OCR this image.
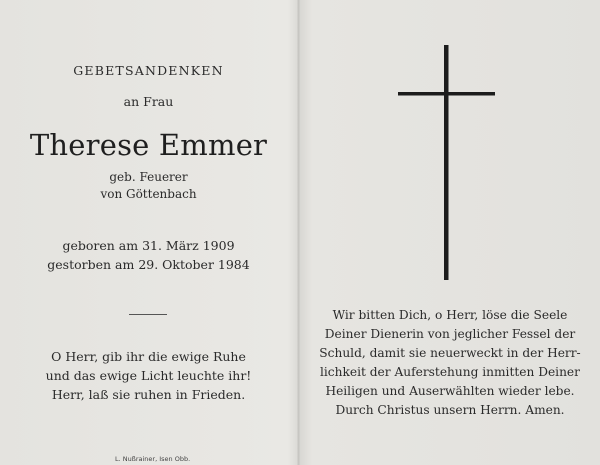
GEBETSANDENKEN
an Frau
Therese Emmer
geb. Feuerer
von Göttenbach
geboren am 31. März 1909
gestorben am 29. Oktober 1984
O Herr, gib ihr die ewige Ruhe
und das ewige Licht leuchte ihr!
Herr, laß sie ruhen in Frieden.
L. Nußrainer, Isen Obb.
Wir bitten Dich, o Herr, löse die Seele
Deiner Dienerin von jeglicher Fessel der
Schuld, damit sie neuerweckt in der Herr-
lichkeit der Auferstehung inmitten Deiner
Heiligen und Auserwählten wieder lebe.
Durch Christus unsern Herrn. Amen.
